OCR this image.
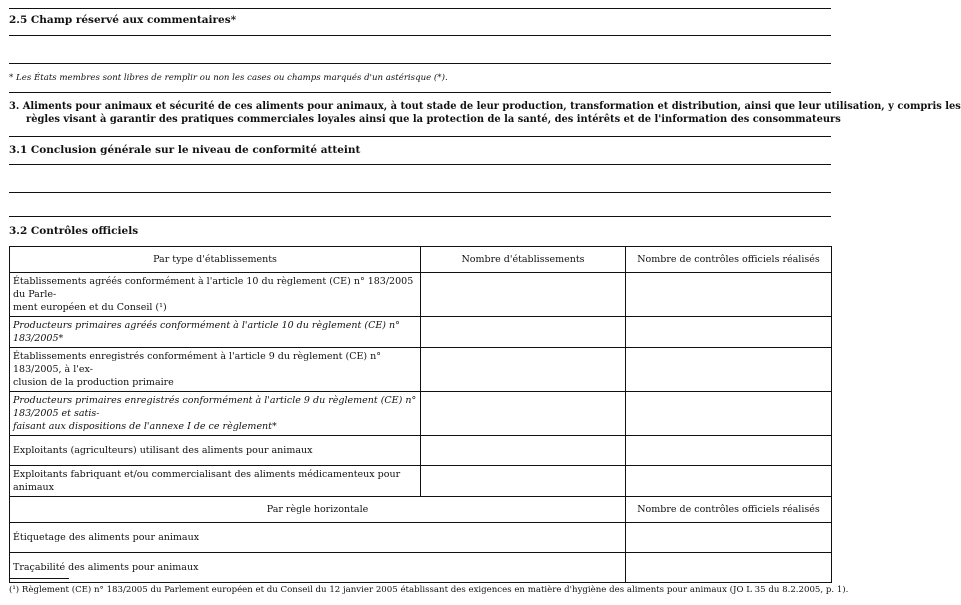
2.5 Champ réservé aux commentaires*
* Les États membres sont libres de remplir ou non les cases ou champs marqués d'un astérisque (*).
3. Aliments pour animaux et sécurité de ces aliments pour animaux, à tout stade de leur production, transformation et distribution, ainsi que leur utilisation, y compris les
règles visant à garantir des pratiques commerciales loyales ainsi que la protection de la santé, des intérêts et de l'information des consommateurs
3.1 Conclusion générale sur le niveau de conformité atteint
3.2 Contrôles officiels
Par type d'établissements	Nombre d'établissements	Nombre de contrôles officiels réalisés

Établissements agréés conformément à l'article 10 du règlement (CE) n° 183/2005 du Parle-
ment européen et du Conseil (¹)		

Producteurs primaires agréés conformément à l'article 10 du règlement (CE) n° 183/2005*		

Établissements enregistrés conformément à l'article 9 du règlement (CE) n° 183/2005, à l'ex-
clusion de la production primaire		

Producteurs primaires enregistrés conformément à l'article 9 du règlement (CE) n° 183/2005 et satis-
faisant aux dispositions de l'annexe I de ce règlement*		

Exploitants (agriculteurs) utilisant des aliments pour animaux		

Exploitants fabriquant et/ou commercialisant des aliments médicamenteux pour animaux		

Par règle horizontale		Nombre de contrôles officiels réalisés
Étiquetage des aliments pour animaux		
Traçabilité des aliments pour animaux		
(¹) Règlement (CE) n° 183/2005 du Parlement européen et du Conseil du 12 janvier 2005 établissant des exigences en matière d'hygiène des aliments pour animaux (JO L 35 du 8.2.2005, p. 1).
